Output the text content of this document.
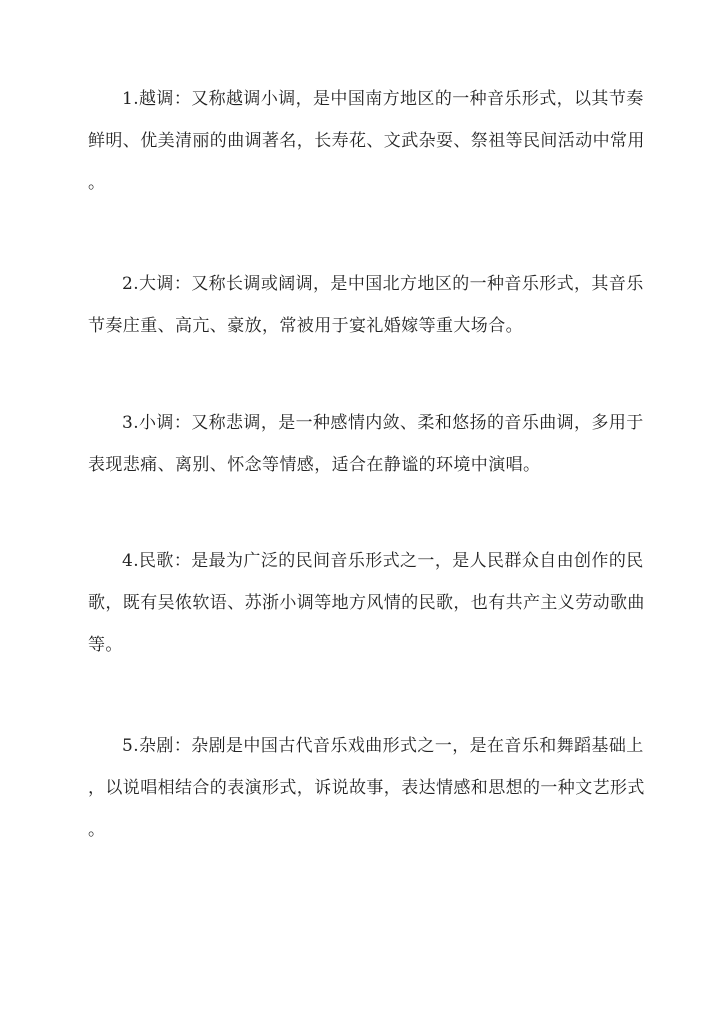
1.越调：又称越调小调，是中国南方地区的一种音乐形式，以其节奏
鲜明、优美清丽的曲调著名，长寿花、文武杂耍、祭祖等民间活动中常用
。
2.大调：又称长调或阔调，是中国北方地区的一种音乐形式，其音乐
节奏庄重、高亢、豪放，常被用于宴礼婚嫁等重大场合。
3.小调：又称悲调，是一种感情内敛、柔和悠扬的音乐曲调，多用于
表现悲痛、离别、怀念等情感，适合在静谧的环境中演唱。
4.民歌：是最为广泛的民间音乐形式之一，是人民群众自由创作的民
歌，既有吴侬软语、苏浙小调等地方风情的民歌，也有共产主义劳动歌曲
等。
5.杂剧：杂剧是中国古代音乐戏曲形式之一，是在音乐和舞蹈基础上
，以说唱相结合的表演形式，诉说故事，表达情感和思想的一种文艺形式
。
